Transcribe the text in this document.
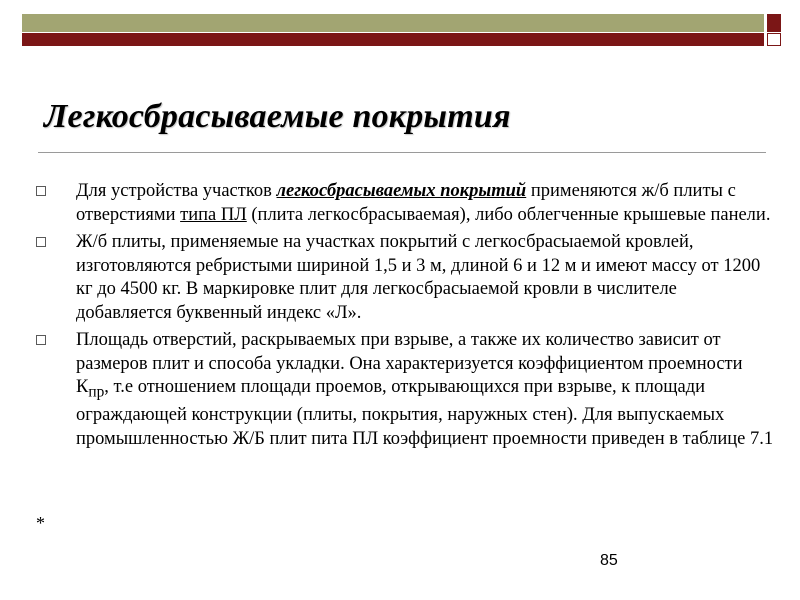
Легкосбрасываемые покрытия
Для устройства участков легкосбрасываемых покрытий применяются ж/б плиты с отверстиями типа ПЛ (плита легкосбрасываемая), либо облегченные крышевые панели.
Ж/б плиты, применяемые на участках покрытий с легкосбрасыаемой кровлей, изготовляются ребристыми шириной 1,5 и 3 м, длиной 6 и 12 м и имеют массу от 1200 кг до 4500 кг. В маркировке плит для легкосбрасыаемой кровли в числителе добавляется буквенный индекс «Л».
Площадь отверстий, раскрываемых при взрыве, а также их количество зависит от размеров плит и способа укладки. Она характеризуется коэффициентом проемности $К_{пр}$, т.е отношением площади проемов, открывающихся при взрыве, к площади ограждающей конструкции (плиты, покрытия, наружных стен). Для выпускаемых промышленностью Ж/Б плит пита ПЛ коэффициент проемности приведен в таблице 7.1
*
85
